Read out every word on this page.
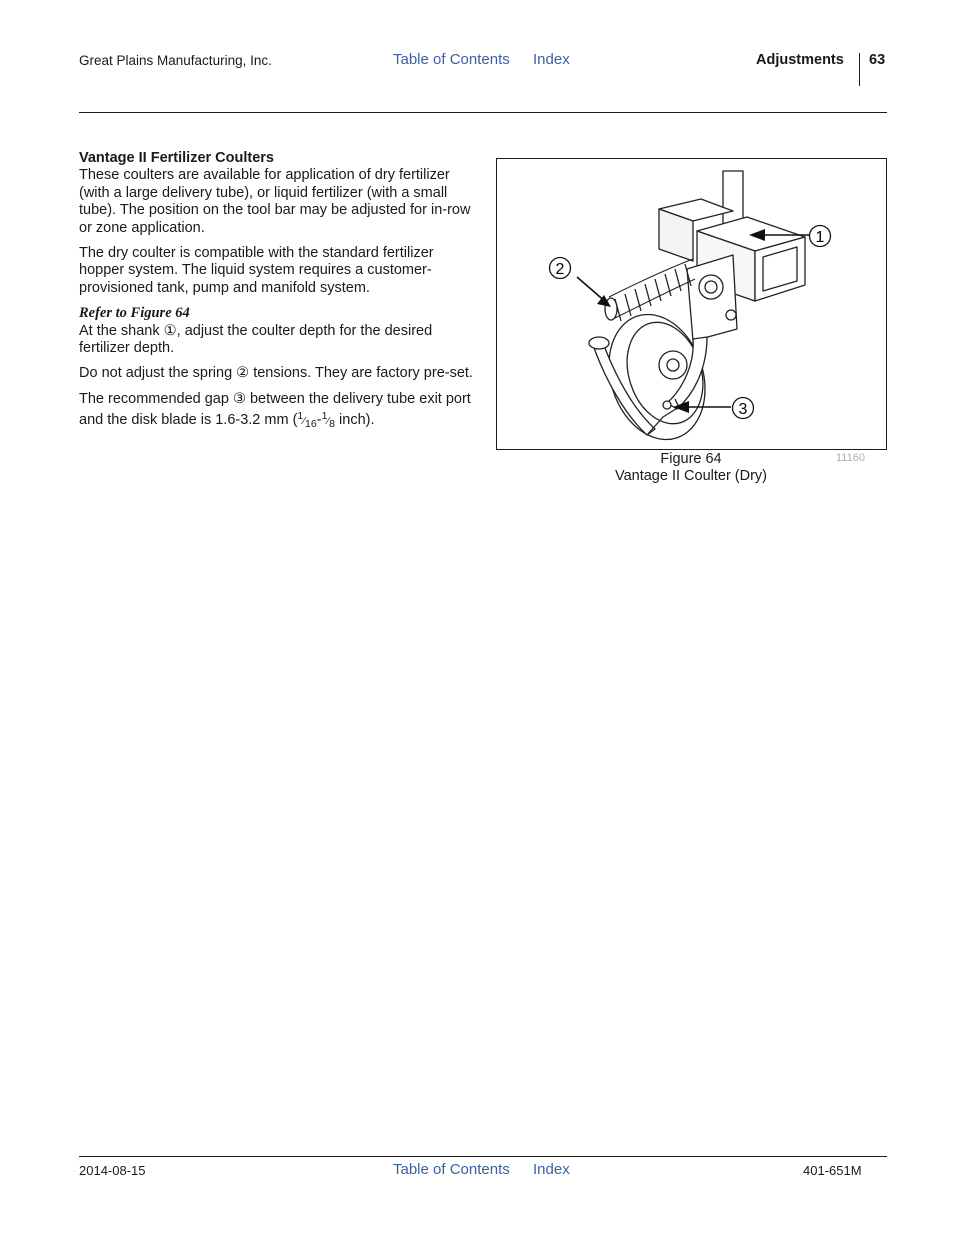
Great Plains Manufacturing, Inc.	Table of Contents Index	Adjustments 63
Vantage II Fertilizer Coulters

These coulters are available for application of dry fertilizer (with a large delivery tube), or liquid fertilizer (with a small tube). The position on the tool bar may be adjusted for in-row or zone application.

The dry coulter is compatible with the standard fertilizer hopper system. The liquid system requires a customer-provisioned tank, pump and manifold system.

Refer to Figure 64

At the shank ①, adjust the coulter depth for the desired fertilizer depth.

Do not adjust the spring ② tensions. They are factory pre-set.

The recommended gap ③ between the delivery tube exit port and the disk blade is 1.6-3.2 mm ($^1⁄_{16}-^1⁄_8$ inch).

1
2
3
Figure 64
Vantage II Coulter (Dry)
11160
2014-08-15	Table of Contents Index	401-651M
